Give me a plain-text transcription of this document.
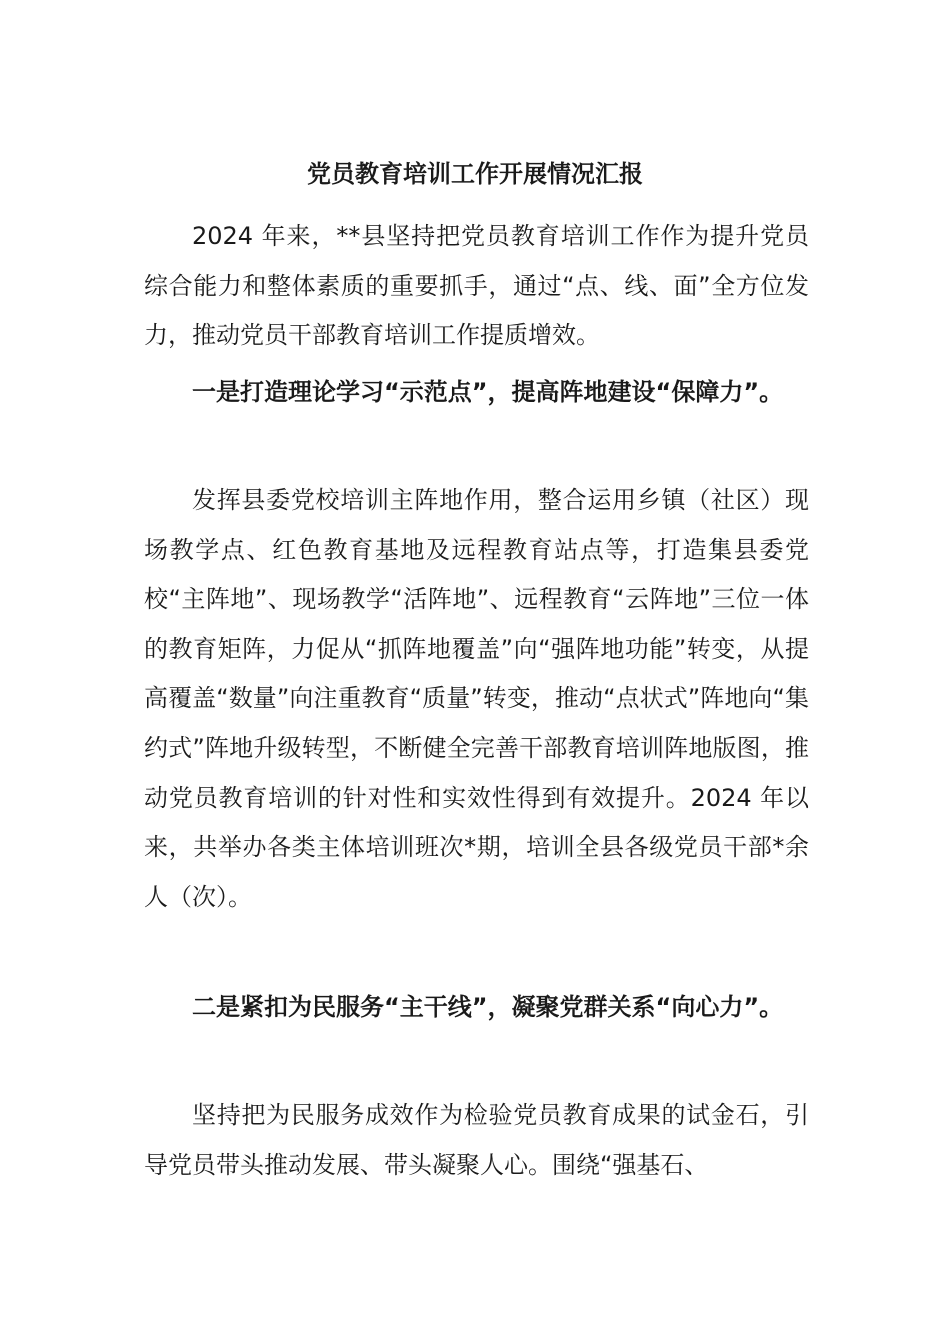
党员教育培训工作开展情况汇报

2024 年来，**县坚持把党员教育培训工作作为提升党员综合能力和整体素质的重要抓手，通过“点、线、面”全方位发力，推动党员干部教育培训工作提质增效。

一是打造理论学习“示范点”，提高阵地建设“保障力”。

发挥县委党校培训主阵地作用，整合运用乡镇（社区）现场教学点、红色教育基地及远程教育站点等，打造集县委党校“主阵地”、现场教学“活阵地”、远程教育“云阵地”三位一体的教育矩阵，力促从“抓阵地覆盖”向“强阵地功能”转变，从提高覆盖“数量”向注重教育“质量”转变，推动“点状式”阵地向“集约式”阵地升级转型，不断健全完善干部教育培训阵地版图，推动党员教育培训的针对性和实效性得到有效提升。2024 年以来，共举办各类主体培训班次*期，培训全县各级党员干部*余人（次）。

二是紧扣为民服务“主干线”，凝聚党群关系“向心力”。

坚持把为民服务成效作为检验党员教育成果的试金石，引导党员带头推动发展、带头凝聚人心。围绕“强基石、
